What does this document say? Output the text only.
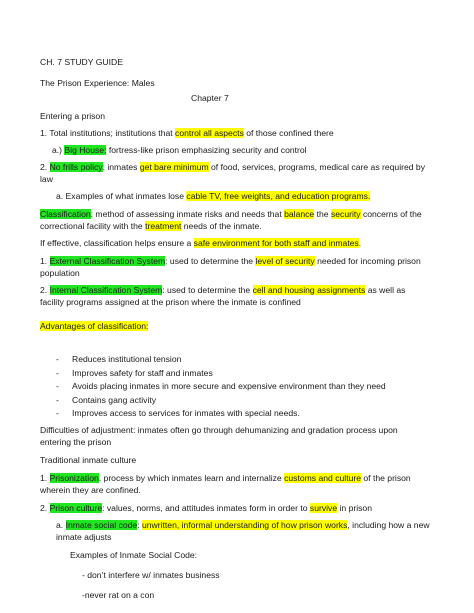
CH. 7 STUDY GUIDE
The Prison Experience: Males
Chapter 7
Entering a prison
1. Total institutions; institutions that control all aspects of those confined there
a.) Big House: fortress-like prison emphasizing security and control
2. No frills policy: inmates get bare minimum of food, services, programs, medical care as required by law
a. Examples of what inmates lose cable TV, free weights, and education programs.
Classification: method of assessing inmate risks and needs that balance the security concerns of the correctional facility with the treatment needs of the inmate.
If effective, classification helps ensure a safe environment for both staff and inmates.
1. External Classification System: used to determine the level of security needed for incoming prison population
2. Internal Classification System: used to determine the cell and housing assignments as well as facility programs assigned at the prison where the inmate is confined
Advantages of classification:
- Reduces institutional tension
- Improves safety for staff and inmates
- Avoids placing inmates in more secure and expensive environment than they need
- Contains gang activity
- Improves access to services for inmates with special needs.
Difficulties of adjustment: inmates often go through dehumanizing and gradation process upon entering the prison
Traditional inmate culture
1. Prisonization: process by which inmates learn and internalize customs and culture of the prison wherein they are confined.
2. Prison culture: values, norms, and attitudes inmates form in order to survive in prison
a. Inmate social code: unwritten, informal understanding of how prison works, including how a new inmate adjusts
Examples of Inmate Social Code:
- don’t interfere w/ inmates business
-never rat on a con
